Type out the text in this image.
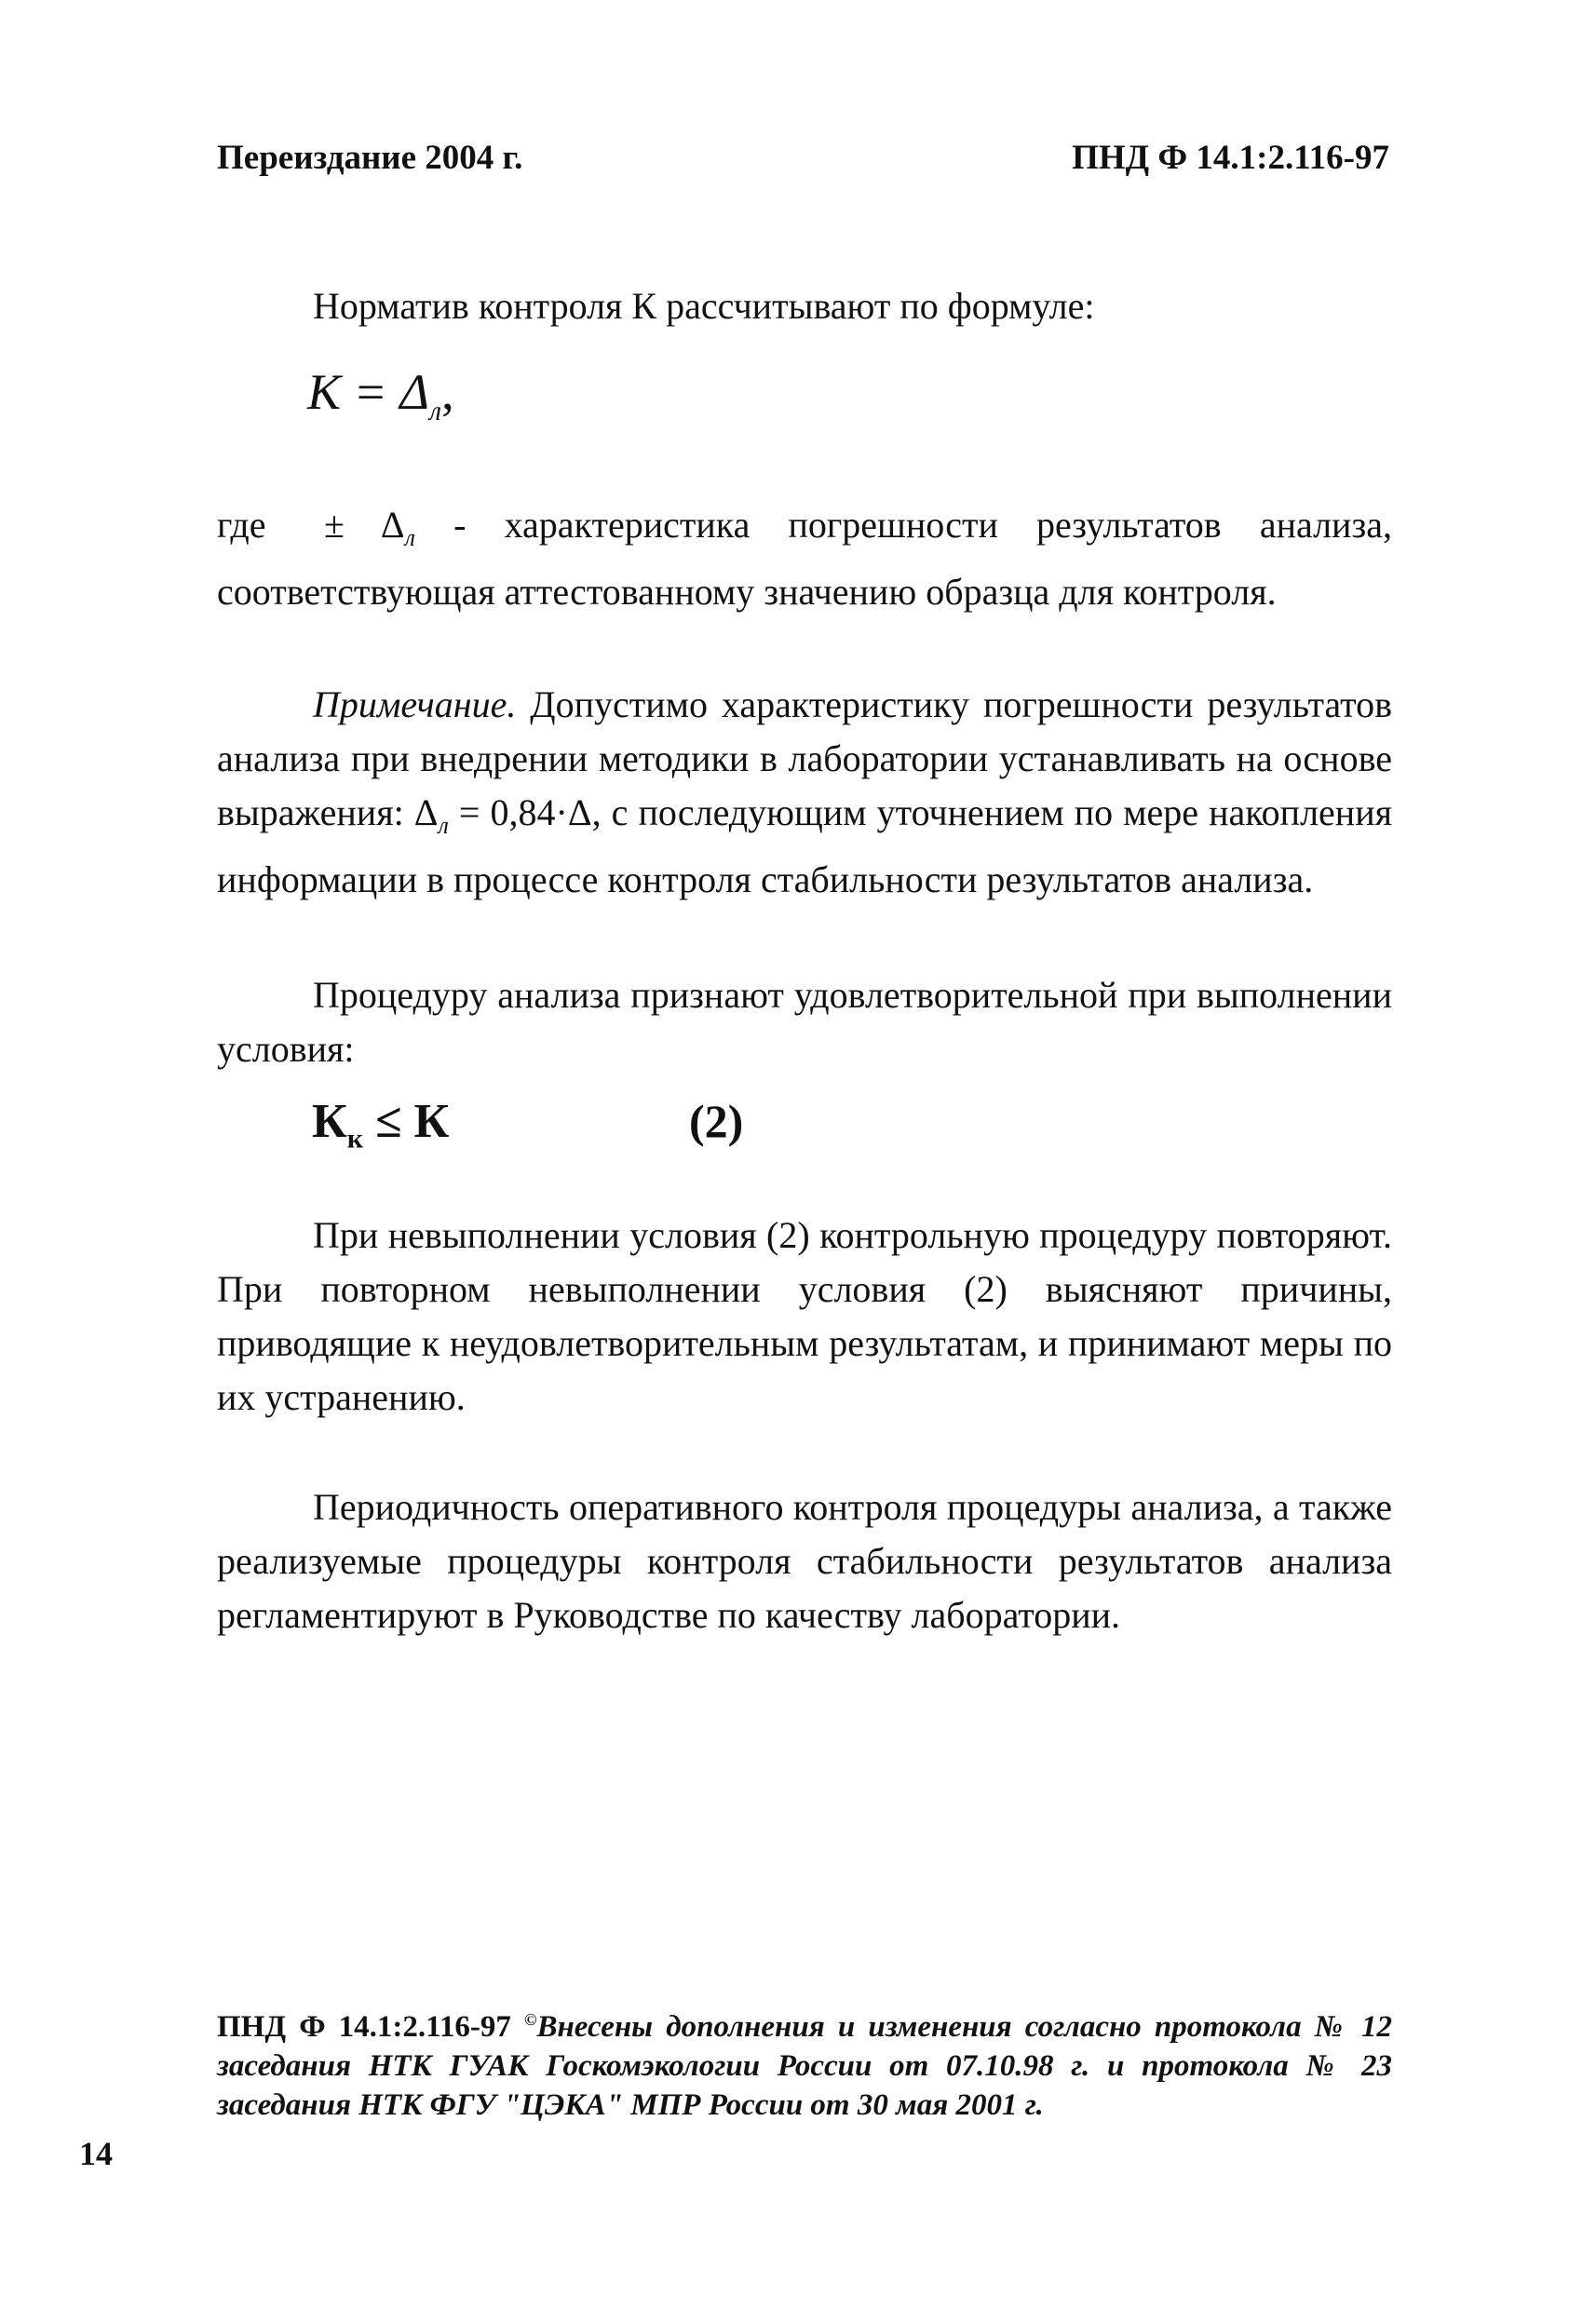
Переиздание 2004 г.	ПНД Ф 14.1:2.116-97
Норматив контроля К рассчитывают по формуле:
$К = \Delta_л$,
где ± $\Delta_л$ - характеристика погрешности результатов анализа, соответствующая аттестованному значению образца для контроля.
Примечание. Допустимо характеристику погрешности результатов анализа при внедрении методики в лаборатории устанавливать на основе выражения: $\Delta_л = 0,84\cdot\Delta$, с последующим уточнением по мере накопления информации в процессе контроля стабильности результатов анализа.
Процедуру анализа признают удовлетворительной при выполнении условия:
$К_к \le К$	(2)
При невыполнении условия (2) контрольную процедуру повторяют. При повторном невыполнении условия (2) выясняют причины, приводящие к неудовлетворительным результатам, и принимают меры по их устранению.
Периодичность оперативного контроля процедуры анализа, а также реализуемые процедуры контроля стабильности результатов анализа регламентируют в Руководстве по качеству лаборатории.
ПНД Ф 14.1:2.116-97 ©Внесены дополнения и изменения согласно протокола № 12 заседания НТК ГУАК Госкомэкологии России от 07.10.98 г. и протокола № 23 заседания НТК ФГУ "ЦЭКА" МПР России от 30 мая 2001 г.
14
